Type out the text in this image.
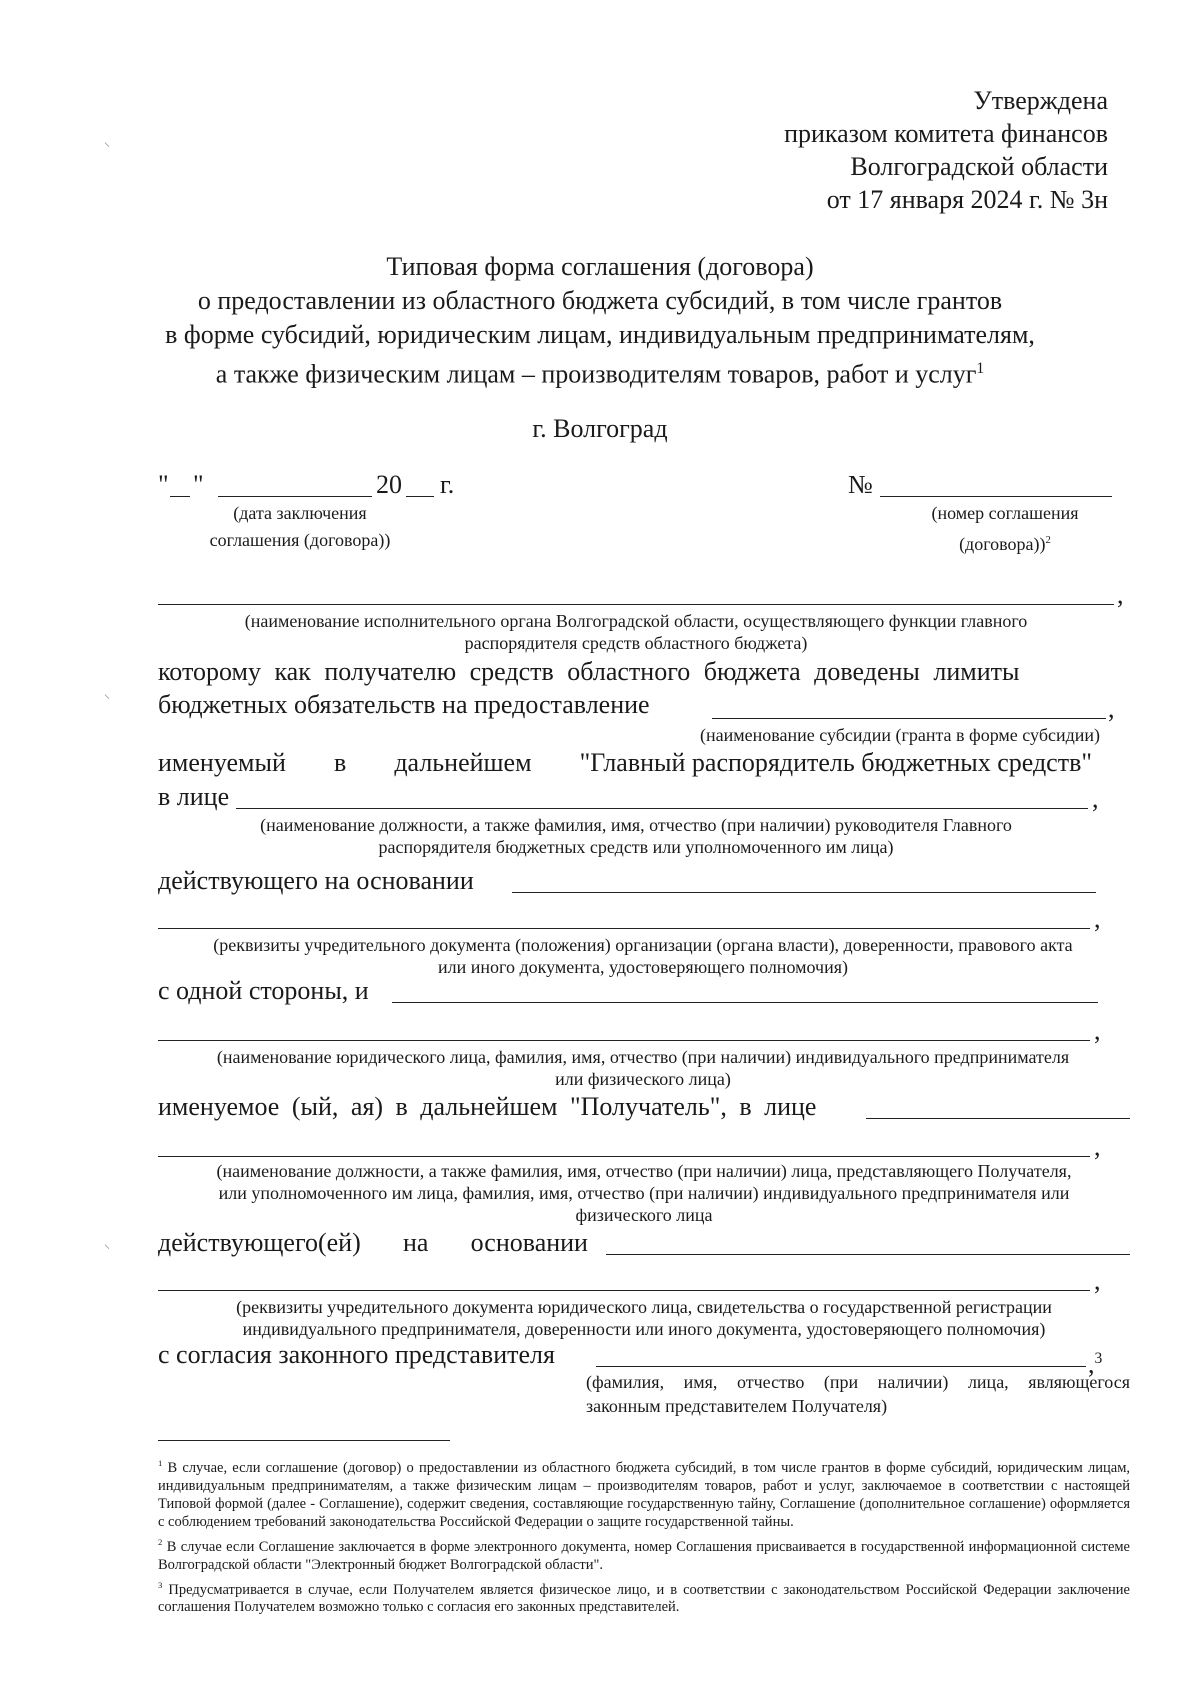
Утверждена
приказом комитета финансов
Волгоградской области
от 17 января 2024 г. № 3н
Типовая форма соглашения (договора)
о предоставлении из областного бюджета субсидий, в том числе грантов
в форме субсидий, юридическим лицам, индивидуальным предпринимателям,
а также физическим лицам – производителям товаров, работ и услуг$^1$
г. Волгоград
" "	20 г.
(дата заключения
соглашения (договора))
№
(номер соглашения
(договора))$^2$
,
(наименование исполнительного органа Волгоградской области, осуществляющего функции главного
распорядителя средств областного бюджета)
которому как получателю средств областного бюджета доведены лимиты
бюджетных обязательств на предоставление	,
(наименование субсидии (гранта в форме субсидии)
именуемый в дальнейшем "Главный распорядитель бюджетных средств"
в лице	,
(наименование должности, а также фамилия, имя, отчество (при наличии) руководителя Главного
распорядителя бюджетных средств или уполномоченного им лица)
действующего на основании
,
(реквизиты учредительного документа (положения) организации (органа власти), доверенности, правового акта
или иного документа, удостоверяющего полномочия)
с одной стороны, и
,
(наименование юридического лица, фамилия, имя, отчество (при наличии) индивидуального предпринимателя
или физического лица)
именуемое (ый, ая) в дальнейшем "Получатель", в лице
,
(наименование должности, а также фамилия, имя, отчество (при наличии) лица, представляющего Получателя,
или уполномоченного им лица, фамилия, имя, отчество (при наличии) индивидуального предпринимателя или
физического лица
действующего(ей) на основании
,
(реквизиты учредительного документа юридического лица, свидетельства о государственной регистрации
индивидуального предпринимателя, доверенности или иного документа, удостоверяющего полномочия)
с согласия законного представителя	,$^3$
(фамилия, имя, отчество (при наличии) лица, являющегося
законным представителем Получателя)
$^1$ В случае, если соглашение (договор) о предоставлении из областного бюджета субсидий, в том числе грантов в форме субсидий, юридическим лицам, индивидуальным предпринимателям, а также физическим лицам – производителям товаров, работ и услуг, заключаемое в соответствии с настоящей Типовой формой (далее - Соглашение), содержит сведения, составляющие государственную тайну, Соглашение (дополнительное соглашение) оформляется с соблюдением требований законодательства Российской Федерации о защите государственной тайны.
$^2$ В случае если Соглашение заключается в форме электронного документа, номер Соглашения присваивается в государственной информационной системе Волгоградской области "Электронный бюджет Волгоградской области".
$^3$ Предусматривается в случае, если Получателем является физическое лицо, и в соответствии с законодательством Российской Федерации заключение соглашения Получателем возможно только с согласия его законных представителей.
⸌
⸌
⸌
